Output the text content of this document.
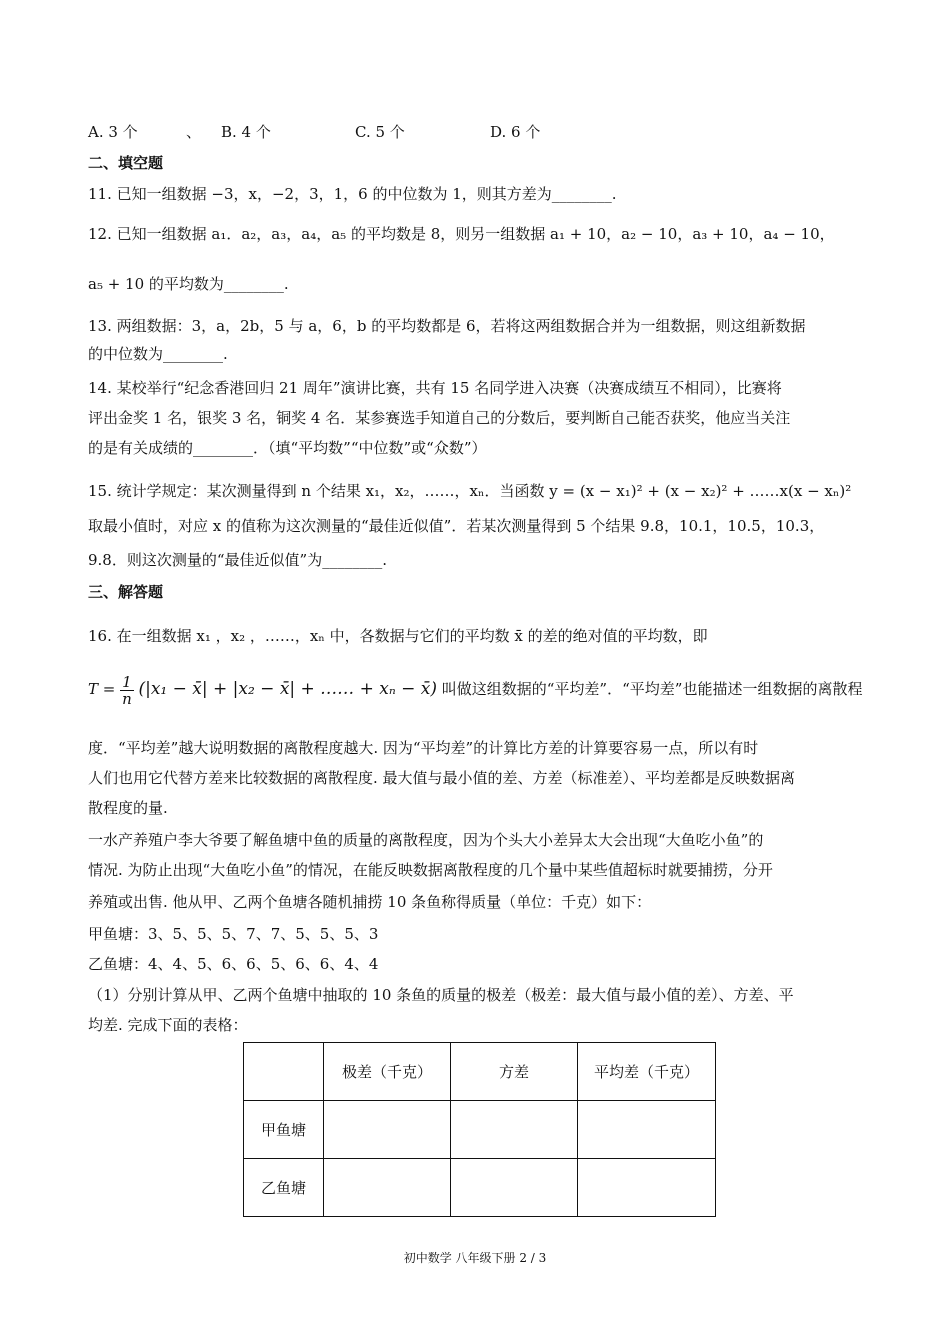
A. 3 个	、 B. 4 个	C. 5 个	D. 6 个
二、填空题
11. 已知一组数据 −3，x，−2，3，1，6 的中位数为 1，则其方差为________.
12. 已知一组数据 a₁．a₂，a₃，a₄，a₅ 的平均数是 8，则另一组数据 a₁ + 10，a₂ − 10，a₃ + 10，a₄ − 10，
a₅ + 10 的平均数为________.
13. 两组数据：3，a，2b，5 与 a，6，b 的平均数都是 6，若将这两组数据合并为一组数据，则这组新数据
的中位数为________.
14. 某校举行“纪念香港回归 21 周年”演讲比赛，共有 15 名同学进入决赛（决赛成绩互不相同），比赛将
评出金奖 1 名，银奖 3 名，铜奖 4 名．某参赛选手知道自己的分数后，要判断自己能否获奖，他应当关注
的是有关成绩的________．（填“平均数”“中位数”或“众数”）
15. 统计学规定：某次测量得到 n 个结果 x₁，x₂，……，xₙ．当函数 y = (x − x₁)² + (x − x₂)² + ……x(x − xₙ)²
取最小值时，对应 x 的值称为这次测量的“最佳近似值”．若某次测量得到 5 个结果 9.8，10.1，10.5，10.3，
9.8．则这次测量的“最佳近似值”为________.
三、解答题
16. 在一组数据 x₁ ，x₂ ，……，xₙ 中，各数据与它们的平均数 x̄ 的差的绝对值的平均数，即
$T = \frac{1}{n} (|x_1$ − x̄| + |x₂ − x̄| + …… + xₙ − x̄) 叫做这组数据的“平均差”．“平均差”也能描述一组数据的离散程
度．“平均差”越大说明数据的离散程度越大. 因为“平均差”的计算比方差的计算要容易一点，所以有时
人们也用它代替方差来比较数据的离散程度. 最大值与最小值的差、方差（标准差）、平均差都是反映数据离
散程度的量.
一水产养殖户李大爷要了解鱼塘中鱼的质量的离散程度，因为个头大小差异太大会出现“大鱼吃小鱼”的
情况. 为防止出现“大鱼吃小鱼”的情况，在能反映数据离散程度的几个量中某些值超标时就要捕捞，分开
养殖或出售. 他从甲、乙两个鱼塘各随机捕捞 10 条鱼称得质量（单位：千克）如下：
甲鱼塘：3、5、5、5、7、7、5、5、5、3
乙鱼塘：4、4、5、6、6、5、6、6、4、4
（1）分别计算从甲、乙两个鱼塘中抽取的 10 条鱼的质量的极差（极差：最大值与最小值的差）、方差、平
均差. 完成下面的表格：
	极差（千克）	方差	平均差（千克）
甲鱼塘			
乙鱼塘			
初中数学 八年级下册 2 / 3
